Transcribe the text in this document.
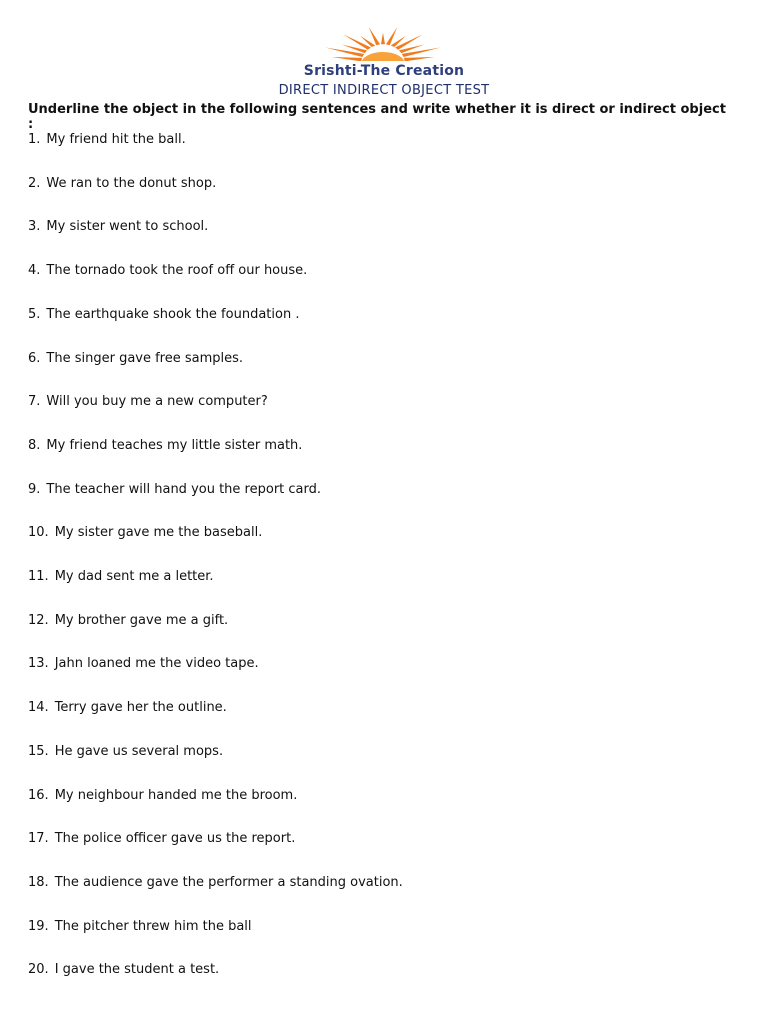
Srishti-The Creation
DIRECT INDIRECT OBJECT TEST
Underline the object in the following sentences and write whether it is direct or indirect object :
1. My friend hit the ball.
2. We ran to the donut shop.
3. My sister went to school.
4. The tornado took the roof off our house.
5. The earthquake shook the foundation .
6. The singer gave free samples.
7. Will you buy me a new computer?
8. My friend teaches my little sister math.
9. The teacher will hand you the report card.
10. My sister gave me the baseball.
11. My dad sent me a letter.
12. My brother gave me a gift.
13. Jahn loaned me the video tape.
14. Terry gave her the outline.
15. He gave us several mops.
16. My neighbour handed me the broom.
17. The police officer gave us the report.
18. The audience gave the performer a standing ovation.
19. The pitcher threw him the ball
20. I gave the student a test.
